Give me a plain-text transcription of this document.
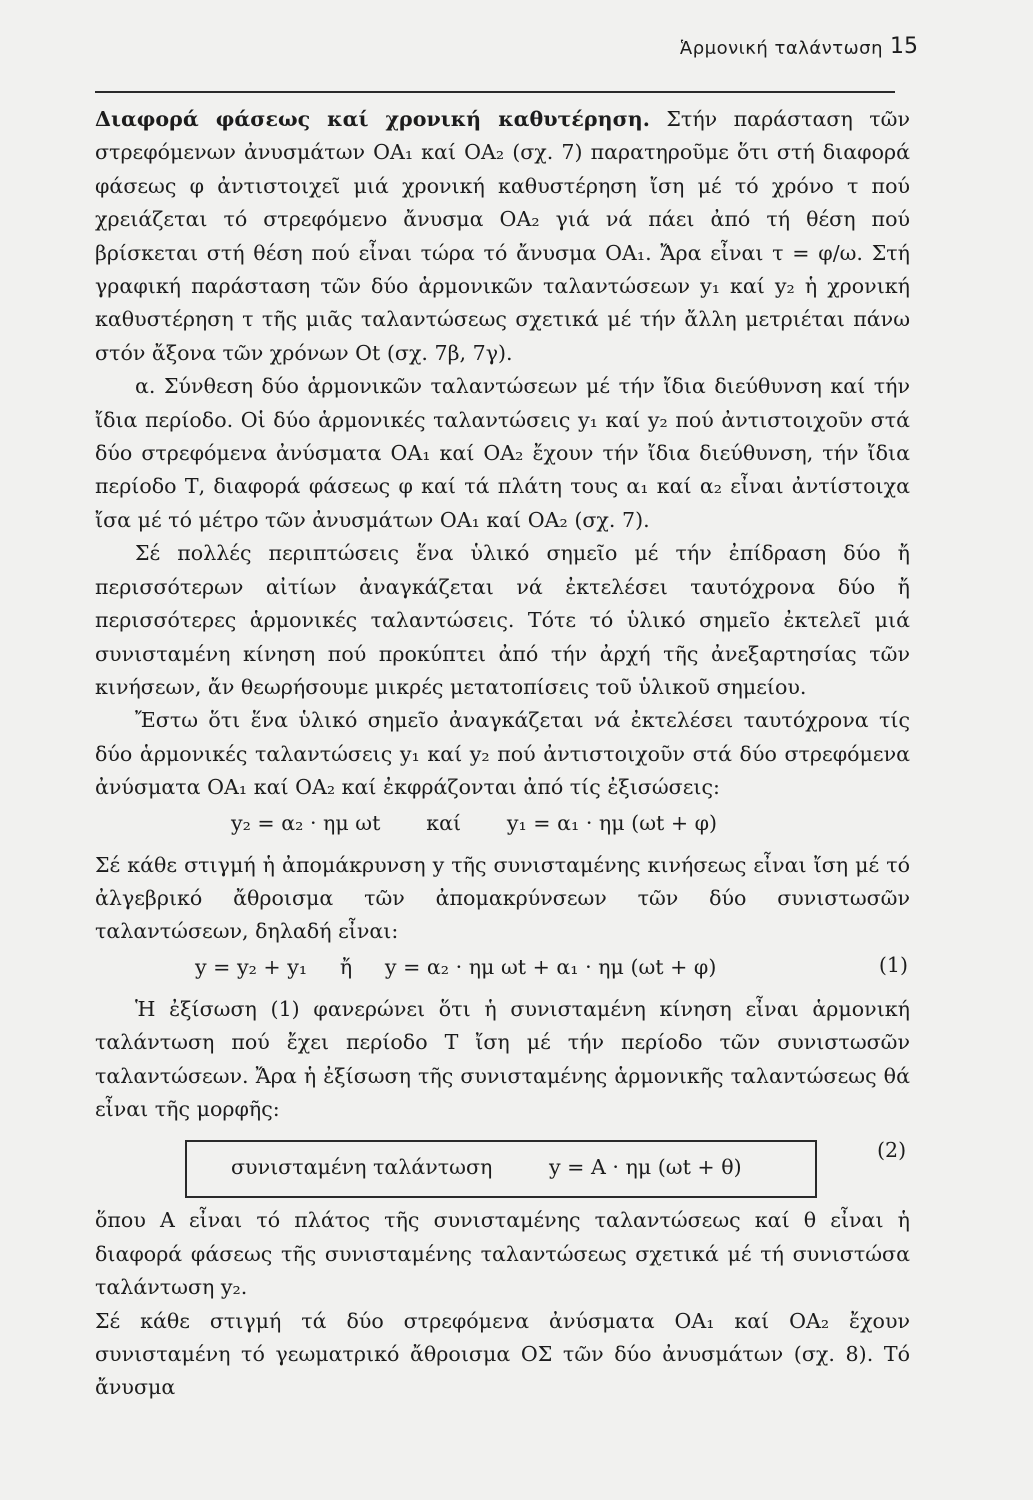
Ἁρμονική ταλάντωση 15

Διαφορά φάσεως καί χρονική καθυτέρηση. Στήν παράσταση τῶν στρεφόμενων ἀνυσμάτων OA₁ καί OA₂ (σχ. 7) παρατηροῦμε ὅτι στή διαφορά φάσεως φ ἀντιστοιχεῖ μιά χρονική καθυστέρηση ἴση μέ τό χρόνο τ πού χρειάζεται τό στρεφόμενο ἄνυσμα OA₂ γιά νά πάει ἀπό τή θέση πού βρίσκεται στή θέση πού εἶναι τώρα τό ἄνυσμα OA₁. Ἄρα εἶναι τ = φ/ω. Στή γραφική παράσταση τῶν δύο ἁρμονικῶν ταλαντώσεων y₁ καί y₂ ἡ χρονική καθυστέρηση τ τῆς μιᾶς ταλαντώσεως σχετικά μέ τήν ἄλλη μετριέται πάνω στόν ἄξονα τῶν χρόνων Ot (σχ. 7β, 7γ).

α. Σύνθεση δύο ἁρμονικῶν ταλαντώσεων μέ τήν ἴδια διεύθυνση καί τήν ἴδια περίοδο. Οἱ δύο ἁρμονικές ταλαντώσεις y₁ καί y₂ πού ἀντιστοιχοῦν στά δύο στρεφόμενα ἀνύσματα OA₁ καί OA₂ ἔχουν τήν ἴδια διεύθυνση, τήν ἴδια περίοδο Τ, διαφορά φάσεως φ καί τά πλάτη τους α₁ καί α₂ εἶναι ἀντίστοιχα ἴσα μέ τό μέτρο τῶν ἀνυσμάτων OA₁ καί OA₂ (σχ. 7).

Σέ πολλές περιπτώσεις ἕνα ὑλικό σημεῖο μέ τήν ἐπίδραση δύο ἤ περισσότερων αἰτίων ἀναγκάζεται νά ἐκτελέσει ταυτόχρονα δύο ἤ περισσότερες ἁρμονικές ταλαντώσεις. Τότε τό ὑλικό σημεῖο ἐκτελεῖ μιά συνισταμένη κίνηση πού προκύπτει ἀπό τήν ἀρχή τῆς ἀνεξαρτησίας τῶν κινήσεων, ἄν θεωρήσουμε μικρές μετατοπίσεις τοῦ ὑλικοῦ σημείου.

Ἔστω ὅτι ἕνα ὑλικό σημεῖο ἀναγκάζεται νά ἐκτελέσει ταυτόχρονα τίς δύο ἁρμονικές ταλαντώσεις y₁ καί y₂ πού ἀντιστοιχοῦν στά δύο στρεφόμενα ἀνύσματα OA₁ καί OA₂ καί ἐκφράζονται ἀπό τίς ἐξισώσεις:

y₂ = α₂ · ημ ωt       καί       y₁ = α₁ · ημ (ωt + φ)

Σέ κάθε στιγμή ἡ ἀπομάκρυνση y τῆς συνισταμένης κινήσεως εἶναι ἴση μέ τό ἀλγεβρικό ἄθροισμα τῶν ἀπομακρύνσεων τῶν δύο συνιστωσῶν ταλαντώσεων, δηλαδή εἶναι:

y = y₂ + y₁     ἤ     y = α₂ · ημ ωt + α₁ · ημ (ωt + φ)	(1)

Ἡ ἐξίσωση (1) φανερώνει ὅτι ἡ συνισταμένη κίνηση εἶναι ἁρμονική ταλάντωση πού ἔχει περίοδο Τ ἴση μέ τήν περίοδο τῶν συνιστωσῶν ταλαντώσεων. Ἄρα ἡ ἐξίσωση τῆς συνισταμένης ἁρμονικῆς ταλαντώσεως θά εἶναι τῆς μορφῆς:

συνισταμένη ταλάντωση	y = A · ημ (ωt + θ)
(2)

ὅπου Α εἶναι τό πλάτος τῆς συνισταμένης ταλαντώσεως καί θ εἶναι ἡ διαφορά φάσεως τῆς συνισταμένης ταλαντώσεως σχετικά μέ τή συνιστώσα ταλάντωση y₂.

Σέ κάθε στιγμή τά δύο στρεφόμενα ἀνύσματα OA₁ καί OA₂ ἔχουν συνισταμένη τό γεωματρικό ἄθροισμα ΟΣ τῶν δύο ἀνυσμάτων (σχ. 8). Τό ἄνυσμα
